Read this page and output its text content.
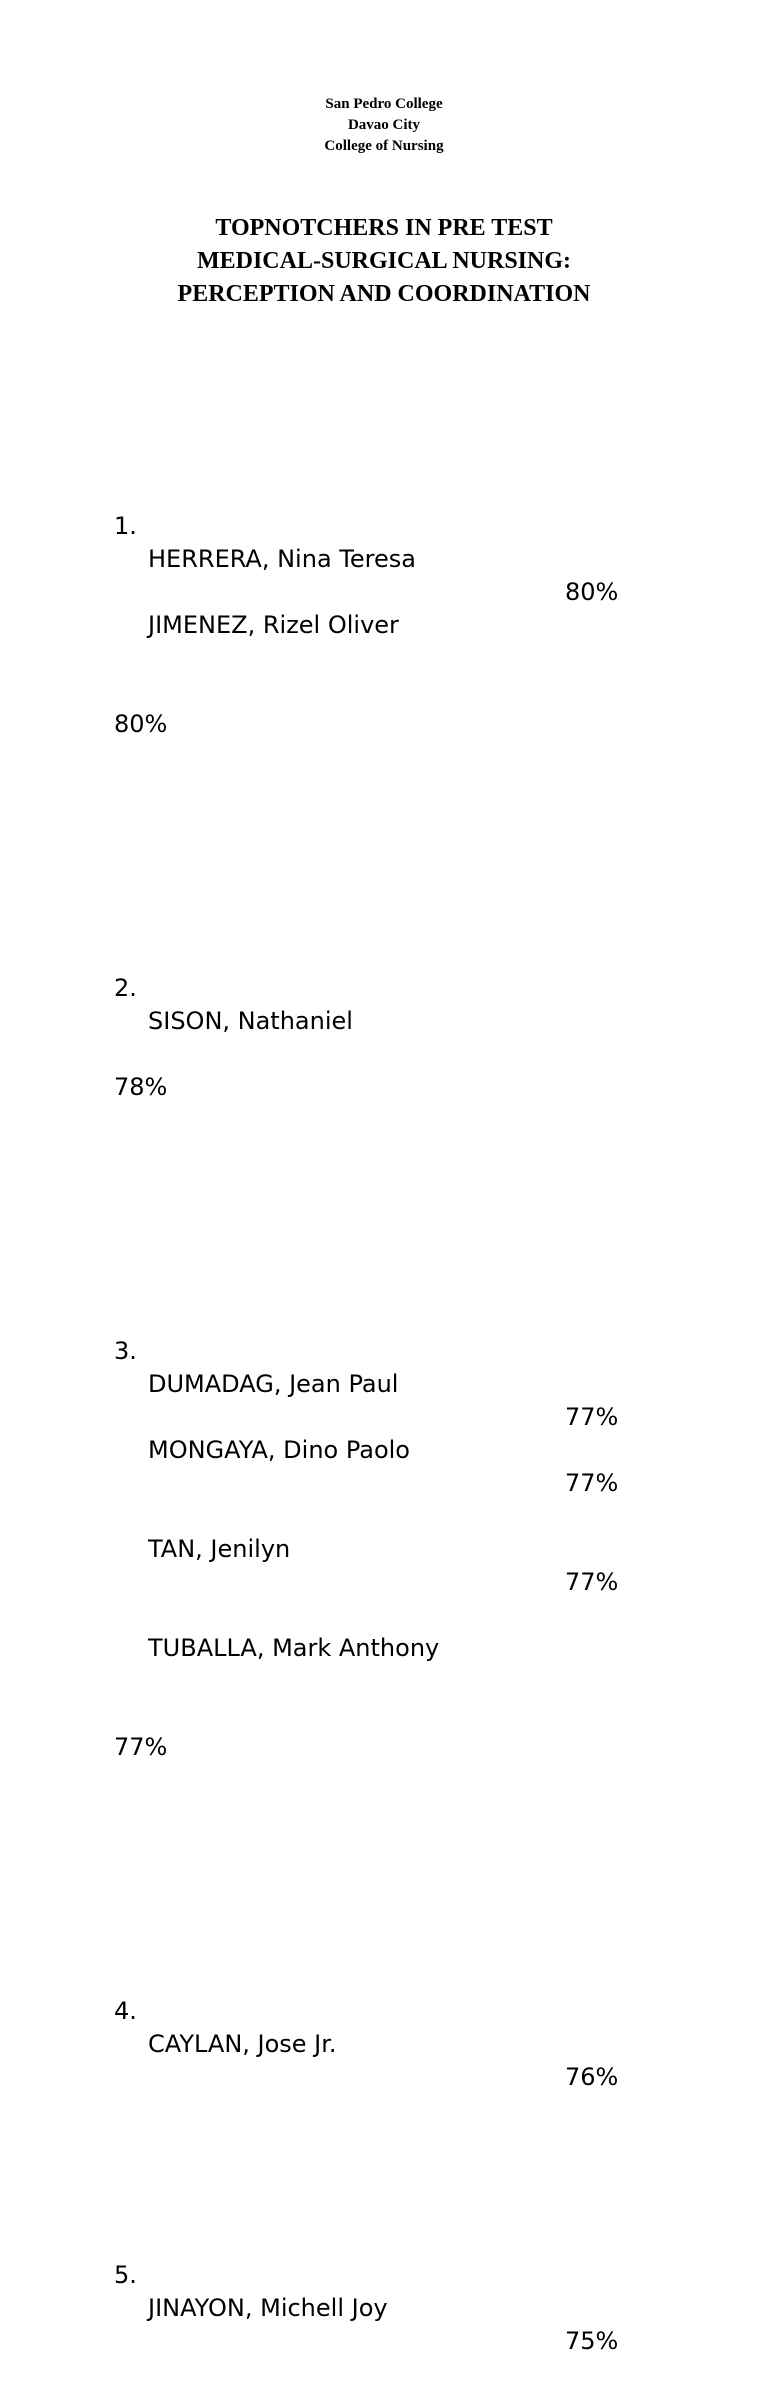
San Pedro College
Davao City
College of Nursing
TOPNOTCHERS IN PRE TEST
MEDICAL-SURGICAL NURSING:
PERCEPTION AND COORDINATION

1.

HERRERA, Nina Teresa

80%

JIMENEZ, Rizel Oliver

80%

2.

SISON, Nathaniel

78%

3.

DUMADAG, Jean Paul

77%

MONGAYA, Dino Paolo

77%

TAN, Jenilyn

77%

TUBALLA, Mark Anthony

77%

4.

CAYLAN, Jose Jr.

76%

5.

JINAYON, Michell Joy

75%
